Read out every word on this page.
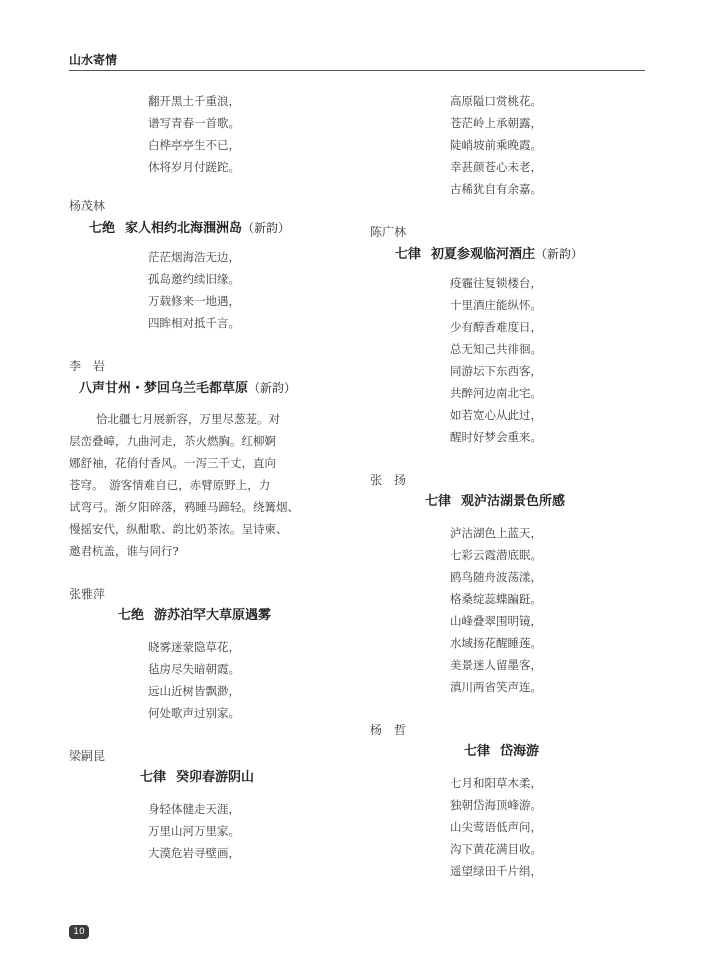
山水寄情
翻开黑土千重浪，
谱写青春一首歌。
白桦亭亭生不已，
休将岁月付蹉跎。
杨茂林
七绝 家人相约北海涠洲岛（新韵）
茫茫烟海浩无边，
孤岛邀约续旧缘。
万载修来一地遇，
四眸相对抵千言。
李　岩
八声甘州・梦回乌兰毛都草原（新韵）
恰北疆七月展新容，万里尽葱茏。对
层峦叠嶂，九曲河走，苶火燃胸。红柳婀
娜舒袖，花俏付香风。一泻三千丈，直向
苍穹。　游客情难自已，赤臂原野上，力
试弯弓。渐夕阳碎落，鸦睡马蹄轻。绕篝烟、
慢摇安代，纵酣歌、韵比奶茶浓。呈诗柬、
邀君杭盖，谁与同行?
张雅萍
七绝 游苏泊罕大草原遇雾
晓雾迷蒙隐草花，
毡房尽失暗朝霞。
远山近树皆飘渺，
何处歌声过别家。
梁嗣昆
七律 癸卯春游阴山
身轻体健走天涯，
万里山河万里家。
大漠危岩寻壁画，
高原隘口赏桃花。
苍茫岭上承朝露，
陡峭坡前乘晚霞。
幸甚颜苍心未老，
古稀犹自有余嘉。
陈广林
七律 初夏参观临河酒庄（新韵）
疫霾往复锁楼台，
十里酒庄能纵怀。
少有醇香难度日，
总无知己共徘徊。
同游坛下东西客，
共醉河边南北宅。
如若宽心从此过，
醒时好梦会重来。
张　扬
七律 观泸沽湖景色所感
泸沽湖色上蓝天，
七彩云霞潜底眠。
鸥鸟随舟波荡漾，
格桑绽蕊蝶蹁跹。
山峰叠翠围明镜，
水域扬花醒睡莲。
美景迷人留墨客，
滇川两省笑声连。
杨　哲
七律 岱海游
七月和阳草木柔，
独朝岱海顶峰游。
山尖莺语低声问，
沟下黄花满目收。
遥望绿田千片绢，
10
